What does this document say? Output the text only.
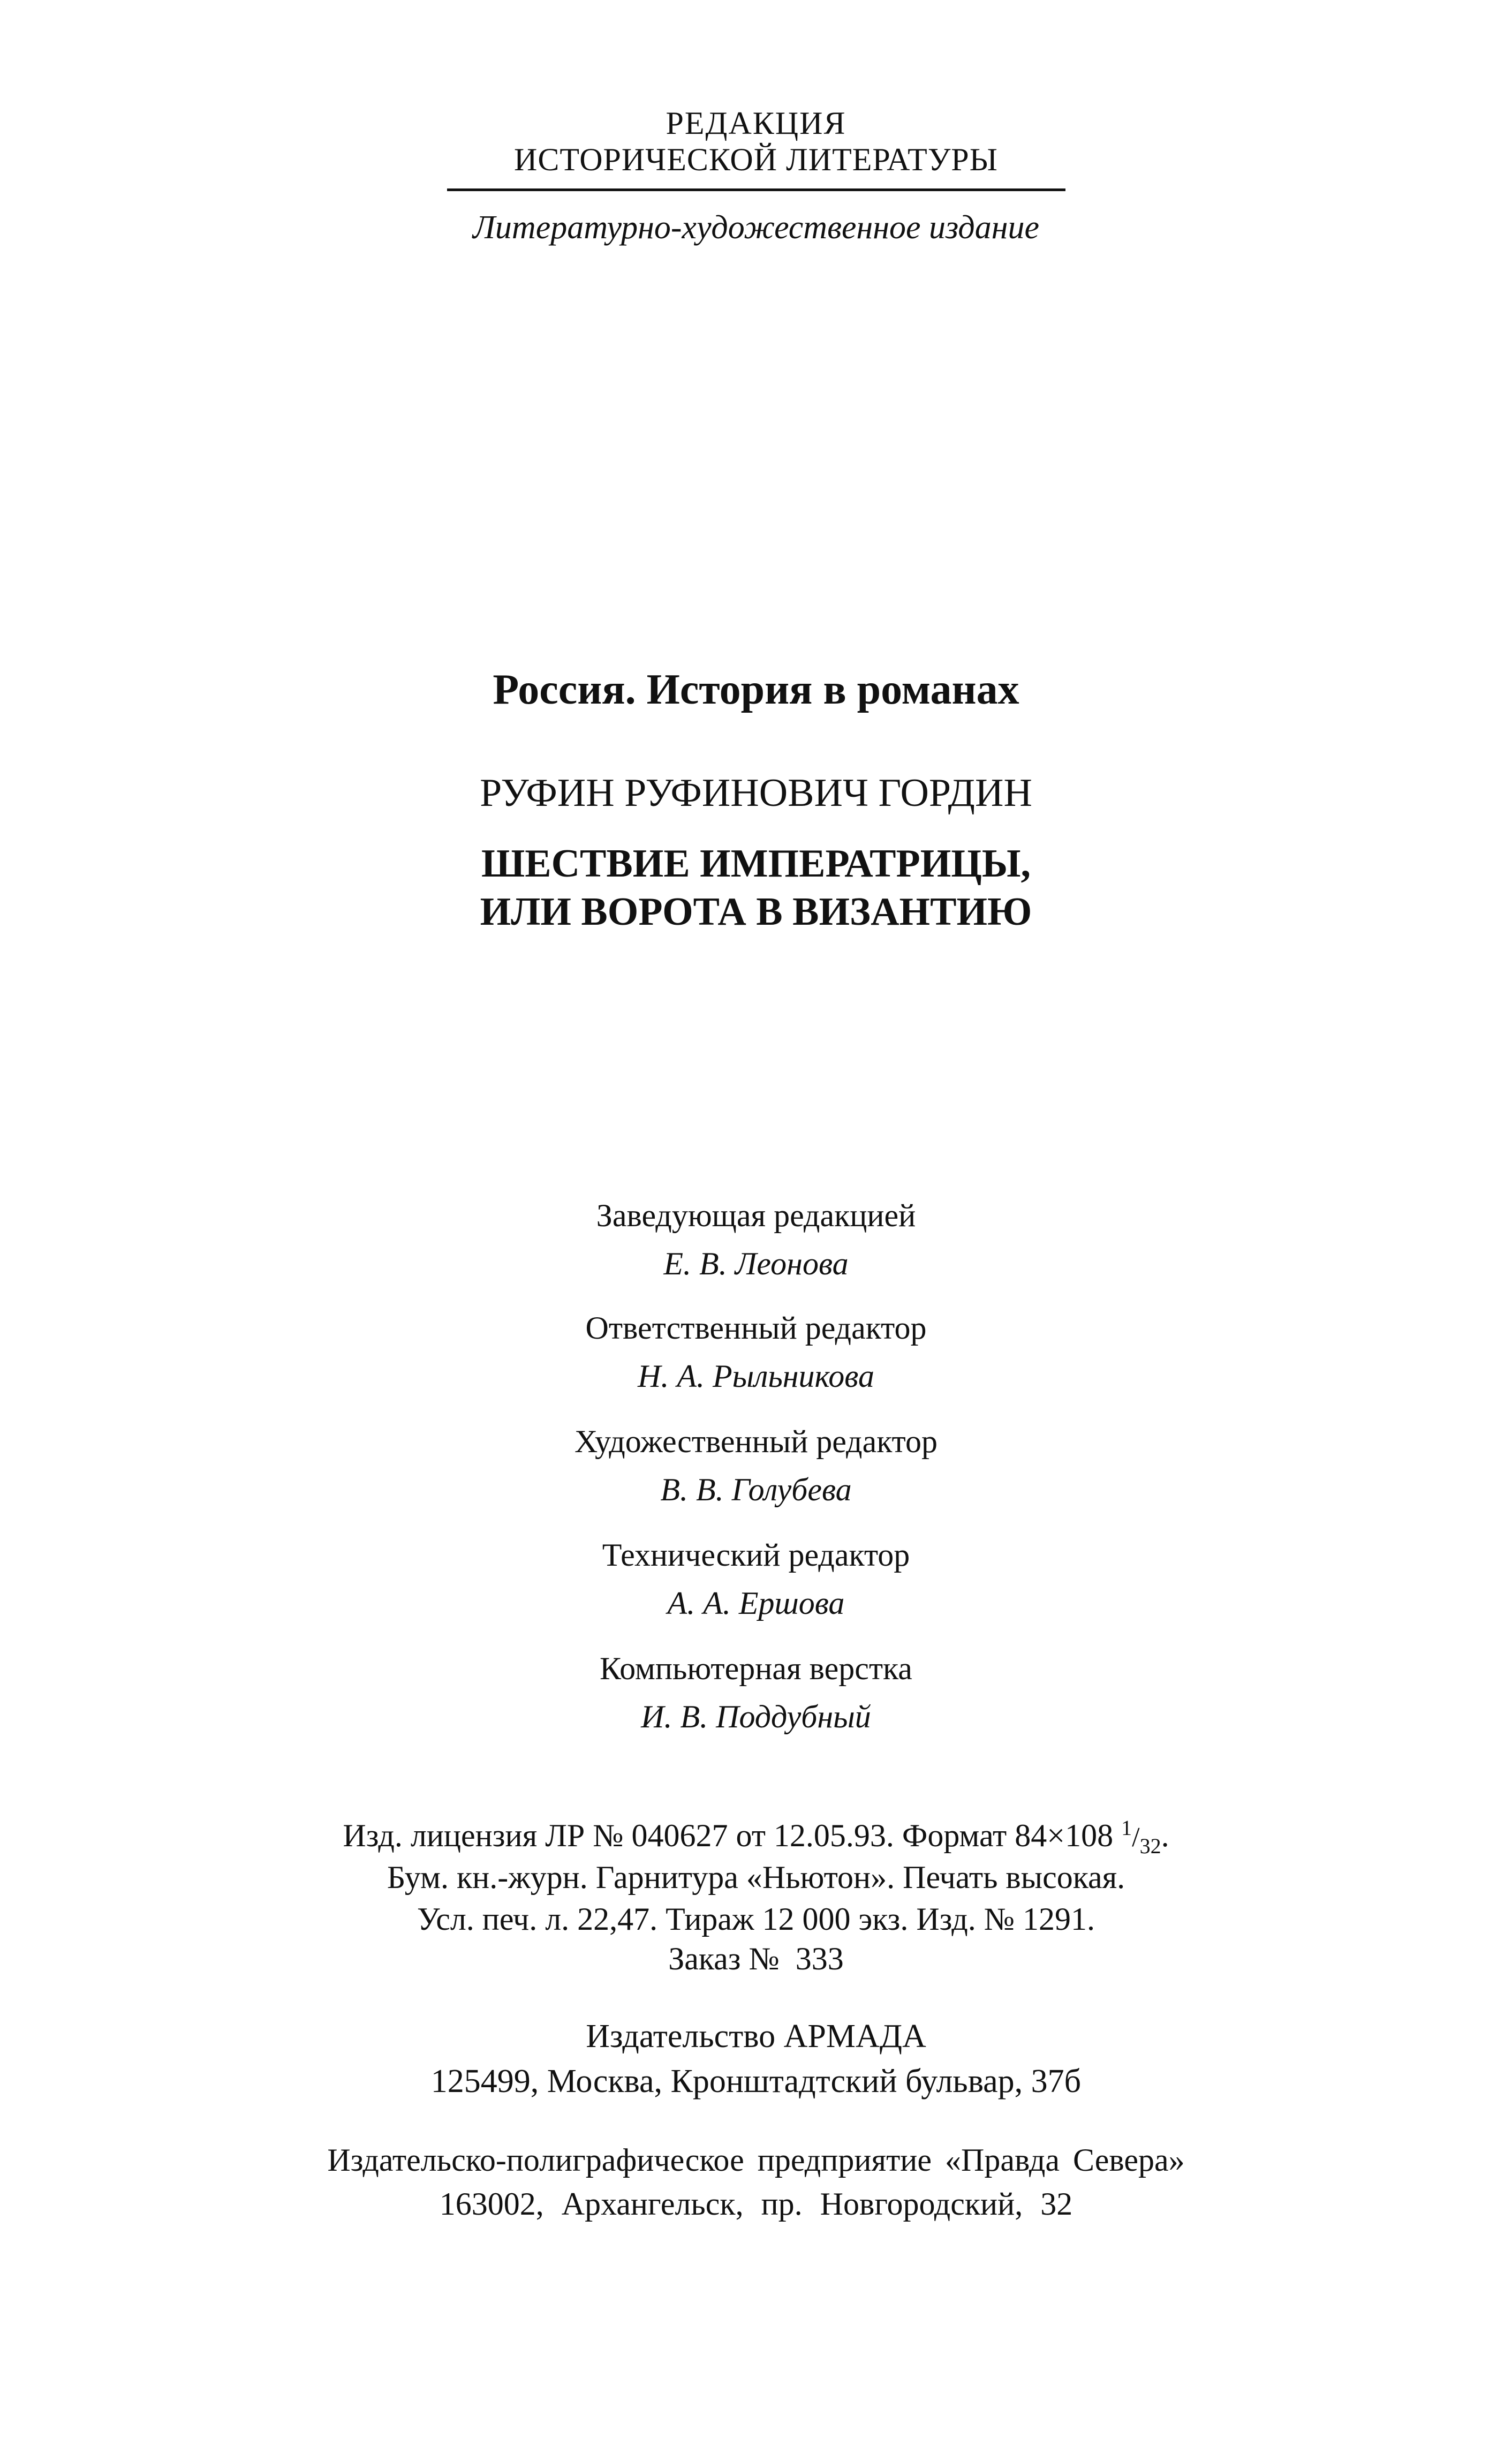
РЕДАКЦИЯ
ИСТОРИЧЕСКОЙ ЛИТЕРАТУРЫ
Литературно-художественное издание
Россия. История в романах
РУФИН РУФИНОВИЧ ГОРДИН
ШЕСТВИЕ ИМПЕРАТРИЦЫ,
ИЛИ ВОРОТА В ВИЗАНТИЮ
Заведующая редакцией
Е. В. Леонова
Ответственный редактор
Н. А. Рыльникова
Художественный редактор
В. В. Голубева
Технический редактор
А. А. Ершова
Компьютерная верстка
И. В. Поддубный
Изд. лицензия ЛР № 040627 от 12.05.93. Формат 84×108 $^1/_{32}$.
Бум. кн.-журн. Гарнитура «Ньютон». Печать высокая.
Усл. печ. л. 22,47. Тираж 12 000 экз. Изд. № 1291.
Заказ №  333
Издательство АРМАДА
125499, Москва, Кронштадтский бульвар, 37б
Издательско-полиграфическое предприятие «Правда Севера»
163002, Архангельск, пр. Новгородский, 32
